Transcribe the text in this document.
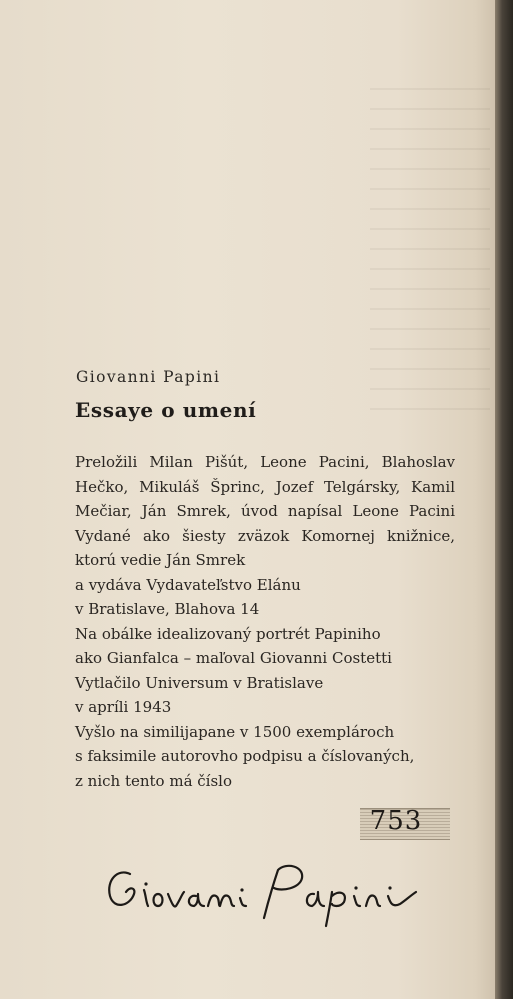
Giovanni Papini
Essaye o umení
Preložili Milan Pišút, Leone Pacini, Blahoslav
Hečko, Mikuláš Šprinc, Jozef Telgársky, Kamil
Mečiar, Ján Smrek, úvod napísal Leone Pacini
Vydané ako šiesty zväzok Komornej knižnice,
ktorú vedie Ján Smrek
a vydáva Vydavateľstvo Elánu
v Bratislave, Blahova 14
Na obálke idealizovaný portrét Papiniho
ako Gianfalca – maľoval Giovanni Costetti
Vytlačilo Universum v Bratislave
v apríli 1943
Vyšlo na similijapane v 1500 exemplároch
s faksimile autorovho podpisu a číslovaných,
z nich tento má číslo
753
